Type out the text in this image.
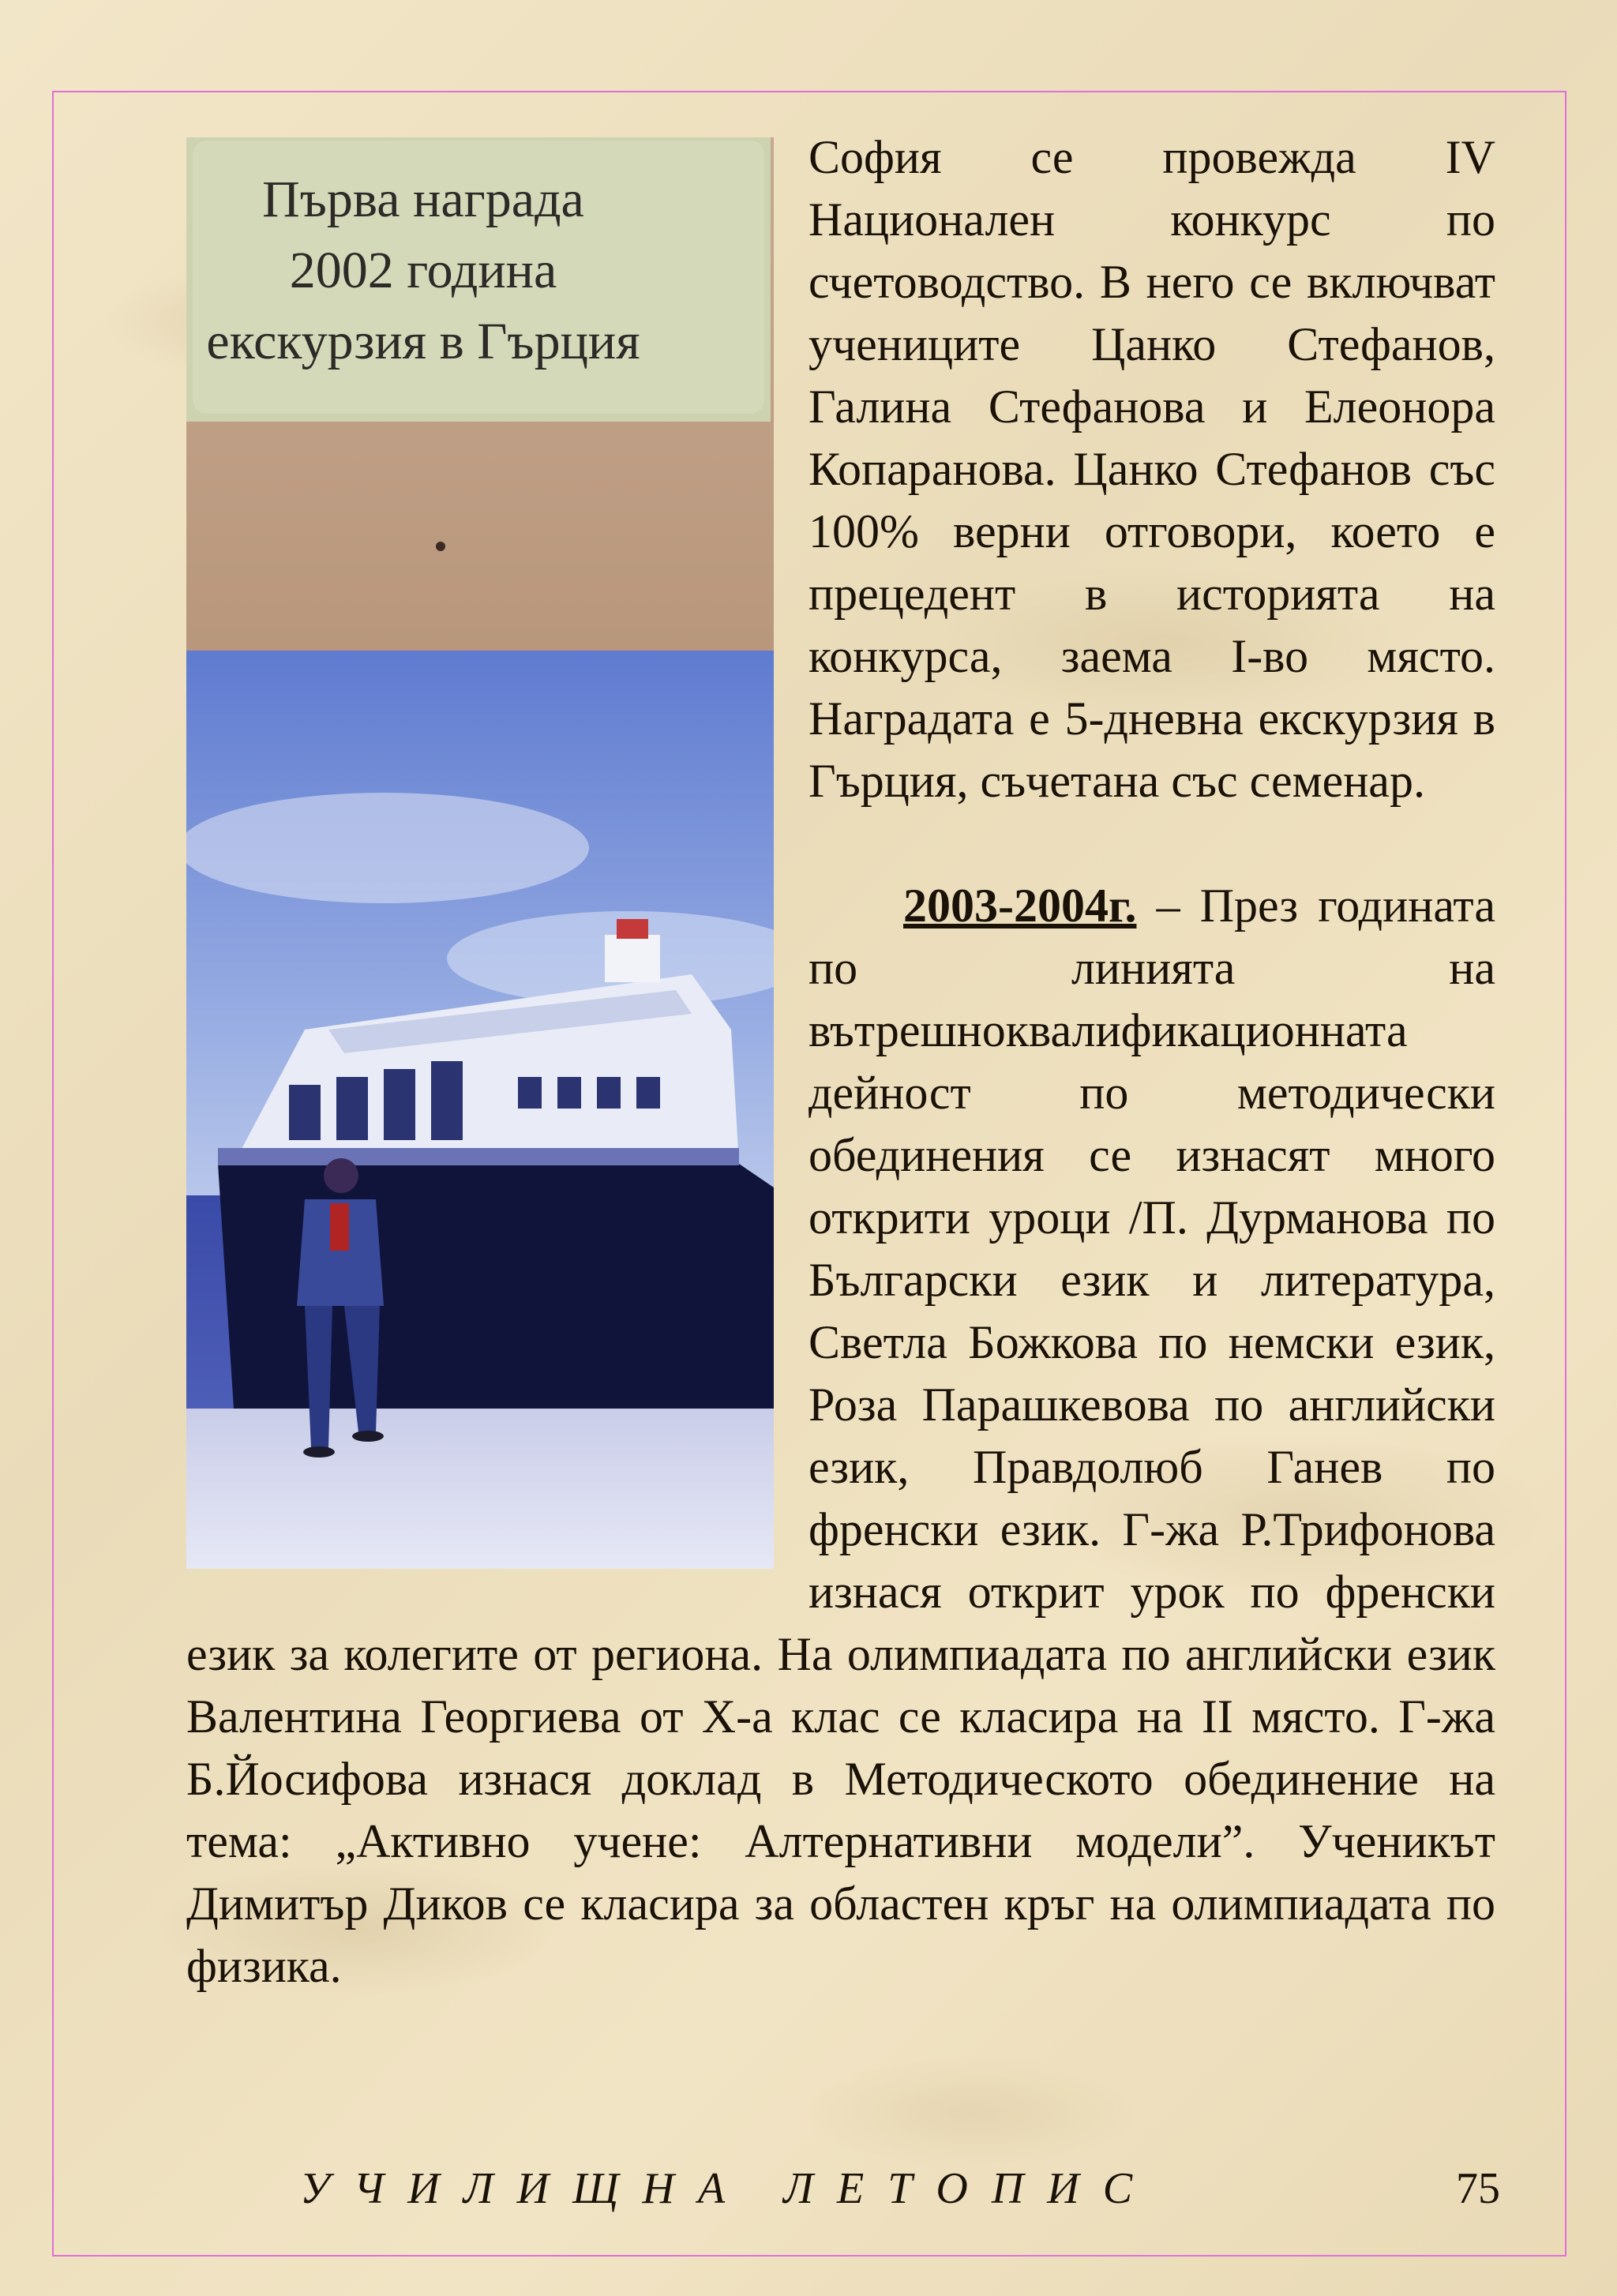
Първа награда
2002 година
екскурзия в Гърция

София се провежда IV Национален конкурс по счетоводство. В него се включват учениците Цанко Стефанов, Галина Стефанова и Елеонора Копаранова. Цанко Стефанов със 100% верни отговори, което е прецедент в историята на конкурса, заема I-во място. Наградата е 5-дневна екскурзия в Гърция, съчетана със семенар.

2003-2004г. – През годината по линията на вътрешноквалификационната дейност по методически обединения се изнасят много открити уроци /П. Дурманова по Български език и литература, Светла Божкова по немски език, Роза Парашкевова по английски език, Правдолюб Ганев по френски език. Г-жа Р.Трифонова изнася открит урок по френски език за колегите от региона. На олимпиадата по английски език Валентина Георгиева от Х-а клас се класира на II място. Г-жа Б.Йосифова изнася доклад в Методическото обединение на тема: „Активно учене: Алтернативни модели”. Ученикът Димитър Диков се класира за областен кръг на олимпиадата по физика.

УЧИЛИЩНА ЛЕТОПИС	75
